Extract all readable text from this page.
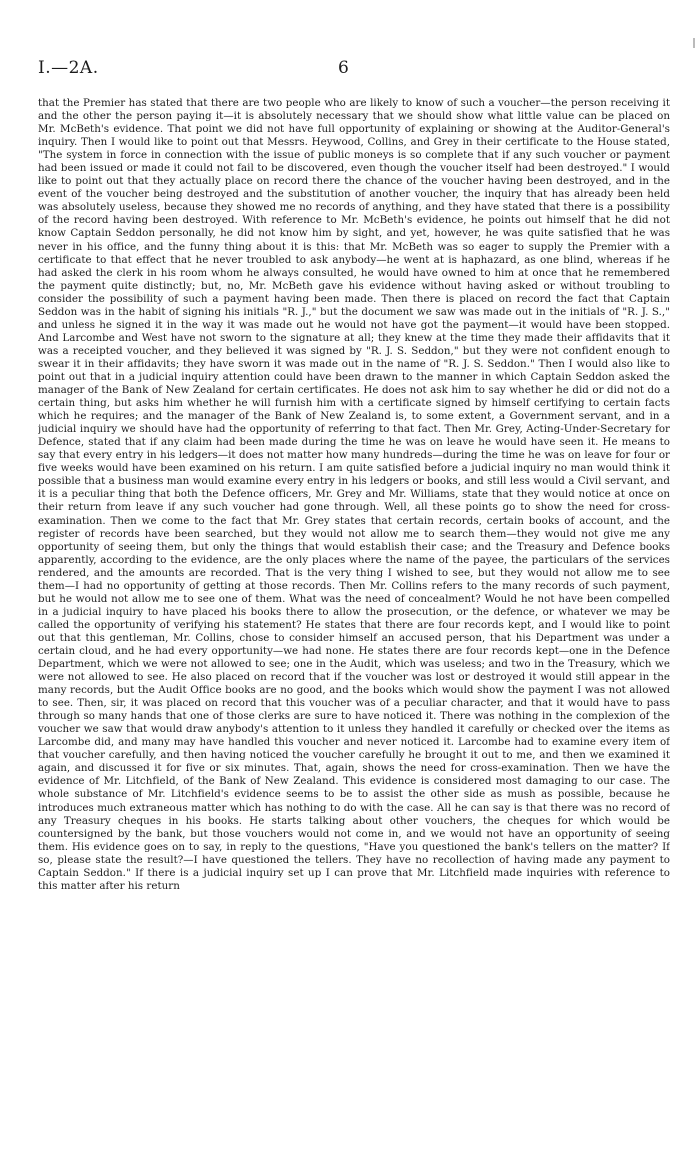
I.—2A.	6

that the Premier has stated that there are two people who are likely to know of such a voucher—the person receiving it and the other the person paying it—it is absolutely necessary that we should show what little value can be placed on Mr. McBeth's evidence. That point we did not have full opportunity of explaining or showing at the Auditor-General's inquiry. Then I would like to point out that Messrs. Heywood, Collins, and Grey in their certificate to the House stated, "The system in force in connection with the issue of public moneys is so complete that if any such voucher or payment had been issued or made it could not fail to be discovered, even though the voucher itself had been destroyed." I would like to point out that they actually place on record there the chance of the voucher having been destroyed, and in the event of the voucher being destroyed and the substitution of another voucher, the inquiry that has already been held was absolutely useless, because they showed me no records of anything, and they have stated that there is a possibility of the record having been destroyed. With reference to Mr. McBeth's evidence, he points out himself that he did not know Captain Seddon personally, he did not know him by sight, and yet, however, he was quite satisfied that he was never in his office, and the funny thing about it is this: that Mr. McBeth was so eager to supply the Premier with a certificate to that effect that he never troubled to ask anybody—he went at is haphazard, as one blind, whereas if he had asked the clerk in his room whom he always consulted, he would have owned to him at once that he remembered the payment quite distinctly; but, no, Mr. McBeth gave his evidence without having asked or without troubling to consider the possibility of such a payment having been made. Then there is placed on record the fact that Captain Seddon was in the habit of signing his initials "R. J.," but the document we saw was made out in the initials of "R. J. S.," and unless he signed it in the way it was made out he would not have got the payment—it would have been stopped. And Larcombe and West have not sworn to the signature at all; they knew at the time they made their affidavits that it was a receipted voucher, and they believed it was signed by "R. J. S. Seddon," but they were not confident enough to swear it in their affidavits; they have sworn it was made out in the name of "R. J. S. Seddon." Then I would also like to point out that in a judicial inquiry attention could have been drawn to the manner in which Captain Seddon asked the manager of the Bank of New Zealand for certain certificates. He does not ask him to say whether he did or did not do a certain thing, but asks him whether he will furnish him with a certificate signed by himself certifying to certain facts which he requires; and the manager of the Bank of New Zealand is, to some extent, a Government servant, and in a judicial inquiry we should have had the opportunity of referring to that fact. Then Mr. Grey, Acting-Under-Secretary for Defence, stated that if any claim had been made during the time he was on leave he would have seen it. He means to say that every entry in his ledgers—it does not matter how many hundreds—during the time he was on leave for four or five weeks would have been examined on his return. I am quite satisfied before a judicial inquiry no man would think it possible that a business man would examine every entry in his ledgers or books, and still less would a Civil servant, and it is a peculiar thing that both the Defence officers, Mr. Grey and Mr. Williams, state that they would notice at once on their return from leave if any such voucher had gone through. Well, all these points go to show the need for cross-examination. Then we come to the fact that Mr. Grey states that certain records, certain books of account, and the register of records have been searched, but they would not allow me to search them—they would not give me any opportunity of seeing them, but only the things that would establish their case; and the Treasury and Defence books apparently, according to the evidence, are the only places where the name of the payee, the particulars of the services rendered, and the amounts are recorded. That is the very thing I wished to see, but they would not allow me to see them—I had no opportunity of getting at those records. Then Mr. Collins refers to the many records of such payment, but he would not allow me to see one of them. What was the need of concealment? Would he not have been compelled in a judicial inquiry to have placed his books there to allow the prosecution, or the defence, or whatever we may be called the opportunity of verifying his statement? He states that there are four records kept, and I would like to point out that this gentleman, Mr. Collins, chose to consider himself an accused person, that his Department was under a certain cloud, and he had every opportunity—we had none. He states there are four records kept—one in the Defence Department, which we were not allowed to see; one in the Audit, which was useless; and two in the Treasury, which we were not allowed to see. He also placed on record that if the voucher was lost or destroyed it would still appear in the many records, but the Audit Office books are no good, and the books which would show the payment I was not allowed to see. Then, sir, it was placed on record that this voucher was of a peculiar character, and that it would have to pass through so many hands that one of those clerks are sure to have noticed it. There was nothing in the complexion of the voucher we saw that would draw anybody's attention to it unless they handled it carefully or checked over the items as Larcombe did, and many may have handled this voucher and never noticed it. Larcombe had to examine every item of that voucher carefully, and then having noticed the voucher carefully he brought it out to me, and then we examined it again, and discussed it for five or six minutes. That, again, shows the need for cross-examination. Then we have the evidence of Mr. Litchfield, of the Bank of New Zealand. This evidence is considered most damaging to our case. The whole substance of Mr. Litchfield's evidence seems to be to assist the other side as mush as possible, because he introduces much extraneous matter which has nothing to do with the case. All he can say is that there was no record of any Treasury cheques in his books. He starts talking about other vouchers, the cheques for which would be countersigned by the bank, but those vouchers would not come in, and we would not have an opportunity of seeing them. His evidence goes on to say, in reply to the questions, "Have you questioned the bank's tellers on the matter? If so, please state the result?—I have questioned the tellers. They have no recollection of having made any payment to Captain Seddon." If there is a judicial inquiry set up I can prove that Mr. Litchfield made inquiries with reference to this matter after his return
